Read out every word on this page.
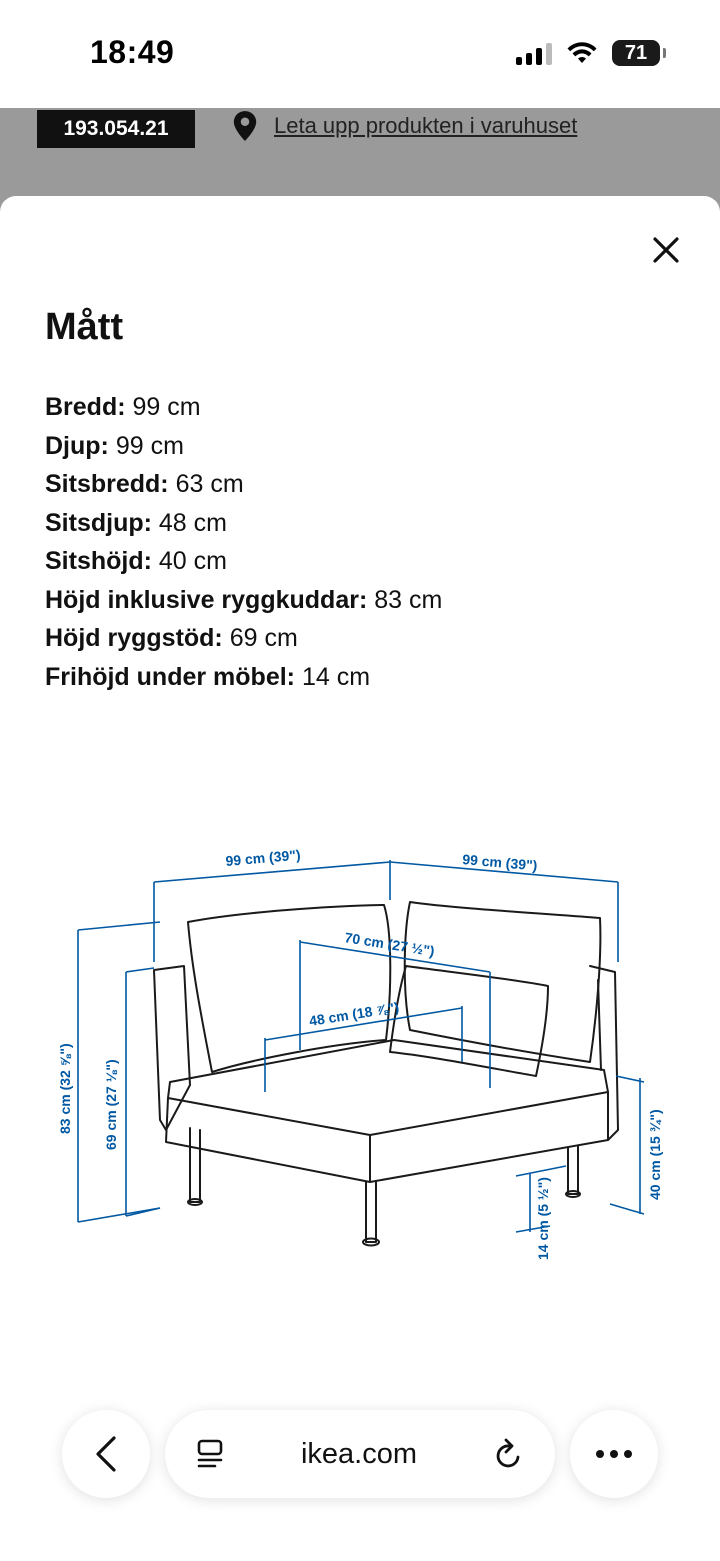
18:49	71
193.054.21	Leta upp produkten i varuhuset
Mått
Bredd: 99 cm
Djup: 99 cm
Sitsbredd: 63 cm
Sitsdjup: 48 cm
Sitshöjd: 40 cm
Höjd inklusive ryggkuddar: 83 cm
Höjd ryggstöd: 69 cm
Frihöjd under möbel: 14 cm
99 cm (39")	99 cm (39")
70 cm (27 ½")
48 cm (18 ⅞")
83 cm (32 ⅝") 69 cm (27 ⅛")
40 cm (15 ¾")
14 cm (5 ½")
ikea.com
